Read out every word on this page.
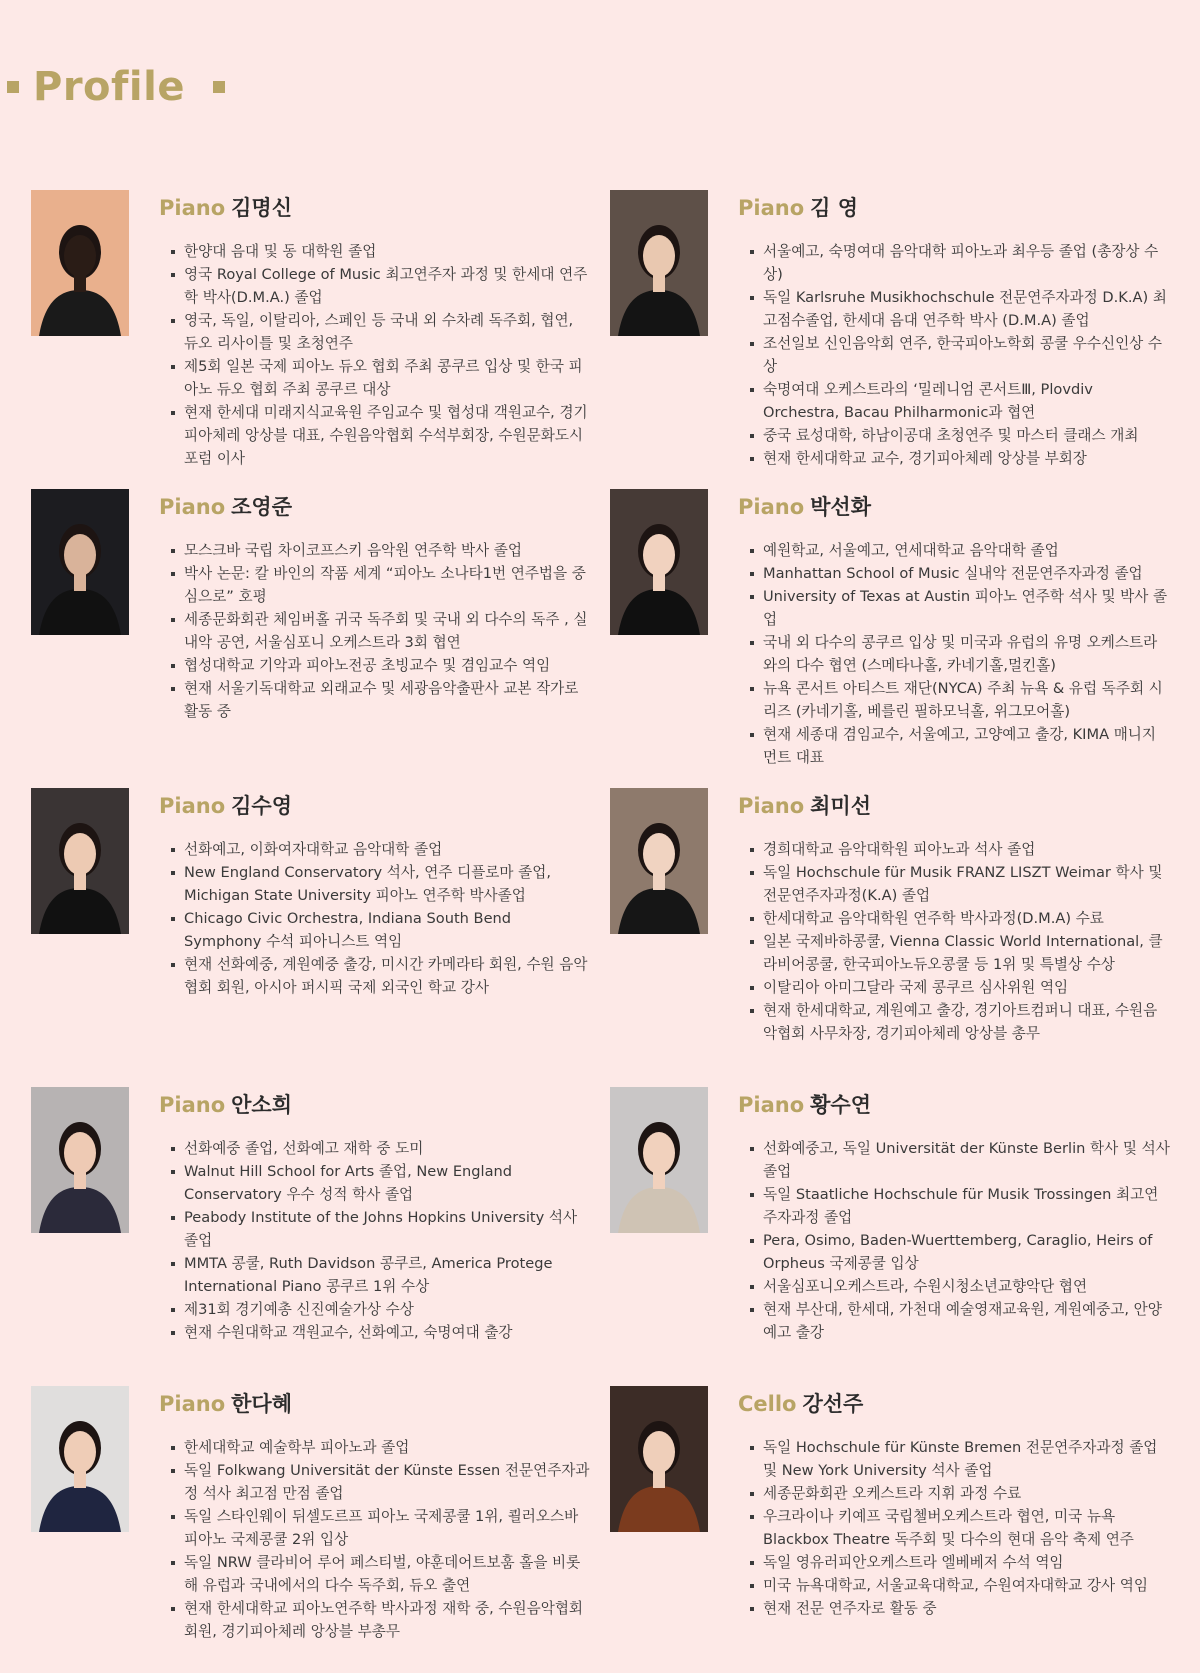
Profile
Piano 김명신
한양대 음대 및 동 대학원 졸업
영국 Royal College of Music 최고연주자 과정 및 한세대 연주학 박사(D.M.A.) 졸업
영국, 독일, 이탈리아, 스페인 등 국내 외 수차례 독주회, 협연, 듀오 리사이틀 및 초청연주
제5회 일본 국제 피아노 듀오 협회 주최 콩쿠르 입상 및 한국 피아노 듀오 협회 주최 콩쿠르 대상
현재 한세대 미래지식교육원 주임교수 및 협성대 객원교수, 경기피아체레 앙상블 대표, 수원음악협회 수석부회장, 수원문화도시포럼 이사
Piano 김 영
서울예고, 숙명여대 음악대학 피아노과 최우등 졸업 (총장상 수상)
독일 Karlsruhe Musikhochschule 전문연주자과정 D.K.A) 최고점수졸업, 한세대 음대 연주학 박사 (D.M.A) 졸업
조선일보 신인음악회 연주, 한국피아노학회 콩쿨 우수신인상 수상
숙명여대 오케스트라의 ‘밀레니엄 콘서트Ⅲ, Plovdiv Orchestra, Bacau Philharmonic과 협연
중국 료성대학, 하남이공대 초청연주 및 마스터 클래스 개최
현재 한세대학교 교수, 경기피아체레 앙상블 부회장
Piano 조영준
모스크바 국립 차이코프스키 음악원 연주학 박사 졸업
박사 논문: 칼 바인의 작품 세계 “피아노 소나타1번 연주법을 중심으로” 호평
세종문화회관 체임버홀 귀국 독주회 및 국내 외 다수의 독주 , 실내악 공연, 서울심포니 오케스트라 3회 협연
협성대학교 기악과 피아노전공 초빙교수 및 겸임교수 역임
현재 서울기독대학교 외래교수 및 세광음악출판사 교본 작가로 활동 중
Piano 박선화
예원학교, 서울예고, 연세대학교 음악대학 졸업
Manhattan School of Music 실내악 전문연주자과정 졸업
University of Texas at Austin 피아노 연주학 석사 및 박사 졸업
국내 외 다수의 콩쿠르 입상 및 미국과 유럽의 유명 오케스트라와의 다수 협연 (스메타나홀, 카네기홀,멀킨홀)
뉴욕 콘서트 아티스트 재단(NYCA) 주최 뉴욕 & 유럽 독주회 시리즈 (카네기홀, 베를린 필하모닉홀, 위그모어홀)
현재 세종대 겸임교수, 서울예고, 고양예고 출강, KIMA 매니지먼트 대표
Piano 김수영
선화예고, 이화여자대학교 음악대학 졸업
New England Conservatory 석사, 연주 디플로마 졸업, Michigan State University 피아노 연주학 박사졸업
Chicago Civic Orchestra, Indiana South Bend Symphony 수석 피아니스트 역임
현재 선화예중, 계원예중 출강, 미시간 카메라타 회원, 수원 음악협회 회원, 아시아 퍼시픽 국제 외국인 학교 강사
Piano 최미선
경희대학교 음악대학원 피아노과 석사 졸업
독일 Hochschule für Musik FRANZ LISZT Weimar 학사 및 전문연주자과정(K.A) 졸업
한세대학교 음악대학원 연주학 박사과정(D.M.A) 수료
일본 국제바하콩쿨, Vienna Classic World International, 클라비어콩쿨, 한국피아노듀오콩쿨 등 1위 및 특별상 수상
이탈리아 아미그달라 국제 콩쿠르 심사위원 역임
현재 한세대학교, 계원예고 출강, 경기아트컴퍼니 대표, 수원음악협회 사무차장, 경기피아체레 앙상블 총무
Piano 안소희
선화예중 졸업, 선화예고 재학 중 도미
Walnut Hill School for Arts 졸업, New England Conservatory 우수 성적 학사 졸업
Peabody Institute of the Johns Hopkins University 석사 졸업
MMTA 콩쿨, Ruth Davidson 콩쿠르, America Protege International Piano 콩쿠르 1위 수상
제31회 경기예총 신진예술가상 수상
현재 수원대학교 객원교수, 선화예고, 숙명여대 출강
Piano 황수연
선화예중고, 독일 Universität der Künste Berlin 학사 및 석사 졸업
독일 Staatliche Hochschule für Musik Trossingen 최고연주자과정 졸업
Pera, Osimo, Baden-Wuerttemberg, Caraglio, Heirs of Orpheus 국제콩쿨 입상
서울심포니오케스트라, 수원시청소년교향악단 협연
현재 부산대, 한세대, 가천대 예술영재교육원, 계원예중고, 안양예고 출강
Piano 한다혜
한세대학교 예술학부 피아노과 졸업
독일 Folkwang Universität der Künste Essen 전문연주자과정 석사 최고점 만점 졸업
독일 스타인웨이 뒤셀도르프 피아노 국제콩쿨 1위, 쾰러오스바 피아노 국제콩쿨 2위 입상
독일 NRW 클라비어 루어 페스티벌, 야훈데어트보훔 홀을 비롯해 유럽과 국내에서의 다수 독주회, 듀오 출연
현재 한세대학교 피아노연주학 박사과정 재학 중, 수원음악협회 회원, 경기피아체레 앙상블 부총무
Cello 강선주
독일 Hochschule für Künste Bremen 전문연주자과정 졸업 및 New York University 석사 졸업
세종문화회관 오케스트라 지휘 과정 수료
우크라이나 키예프 국립첼버오케스트라 협연, 미국 뉴욕 Blackbox Theatre 독주회 및 다수의 현대 음악 축제 연주
독일 영유러피안오케스트라 엘베베저 수석 역임
미국 뉴욕대학교, 서울교육대학교, 수원여자대학교 강사 역임
현재 전문 연주자로 활동 중
